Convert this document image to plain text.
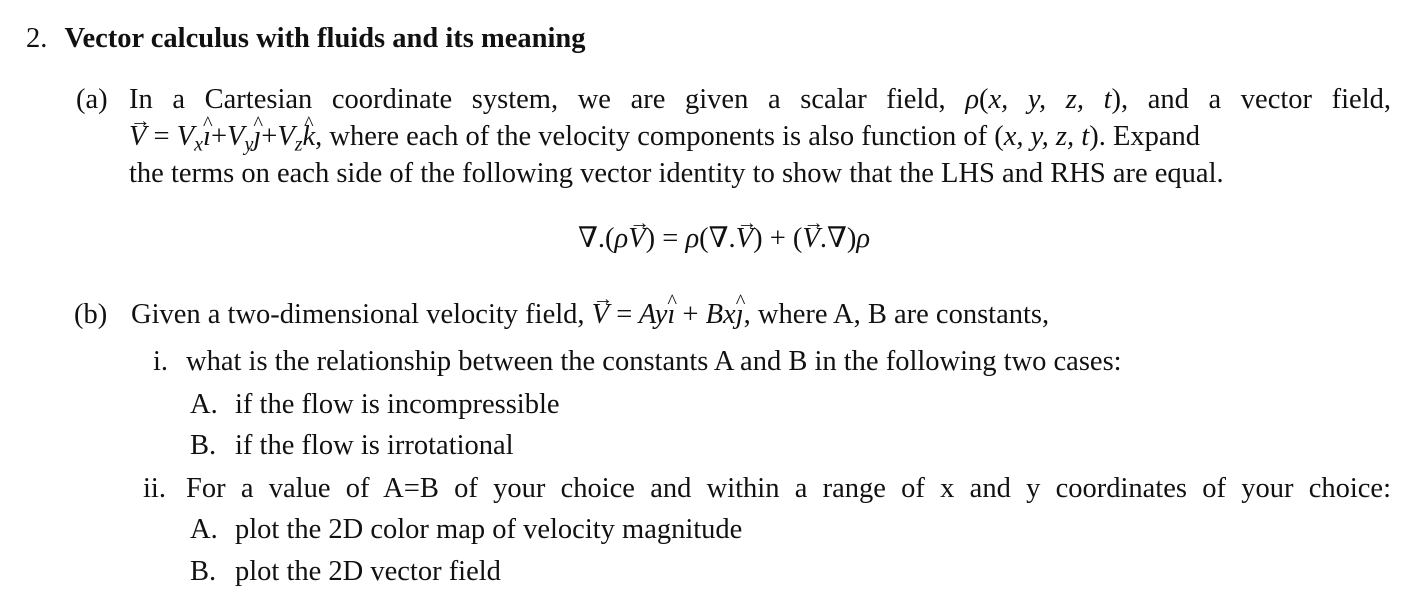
2. Vector calculus with fluids and its meaning
(a) In a Cartesian coordinate system, we are given a scalar field, ρ(x, y, z, t), and a vector field,
→ $V = V_x\^{}$ $ı+V_y\^{}$ $ȷ+V_z\^{}$ k, where each of the velocity components is also function of (x, y, z, t). Expand
the terms on each side of the following vector identity to show that the LHS and RHS are equal.
∇.(ρ→ V) = ρ(∇.→ V) + (→ V.∇)ρ
(b) Given a two-dimensional velocity field, → V = Ay^ ı + Bx^ ȷ, where A, B are constants,
i. what is the relationship between the constants A and B in the following two cases:
A. if the flow is incompressible
B. if the flow is irrotational
ii. For a value of A=B of your choice and within a range of x and y coordinates of your choice:
A. plot the 2D color map of velocity magnitude
B. plot the 2D vector field
